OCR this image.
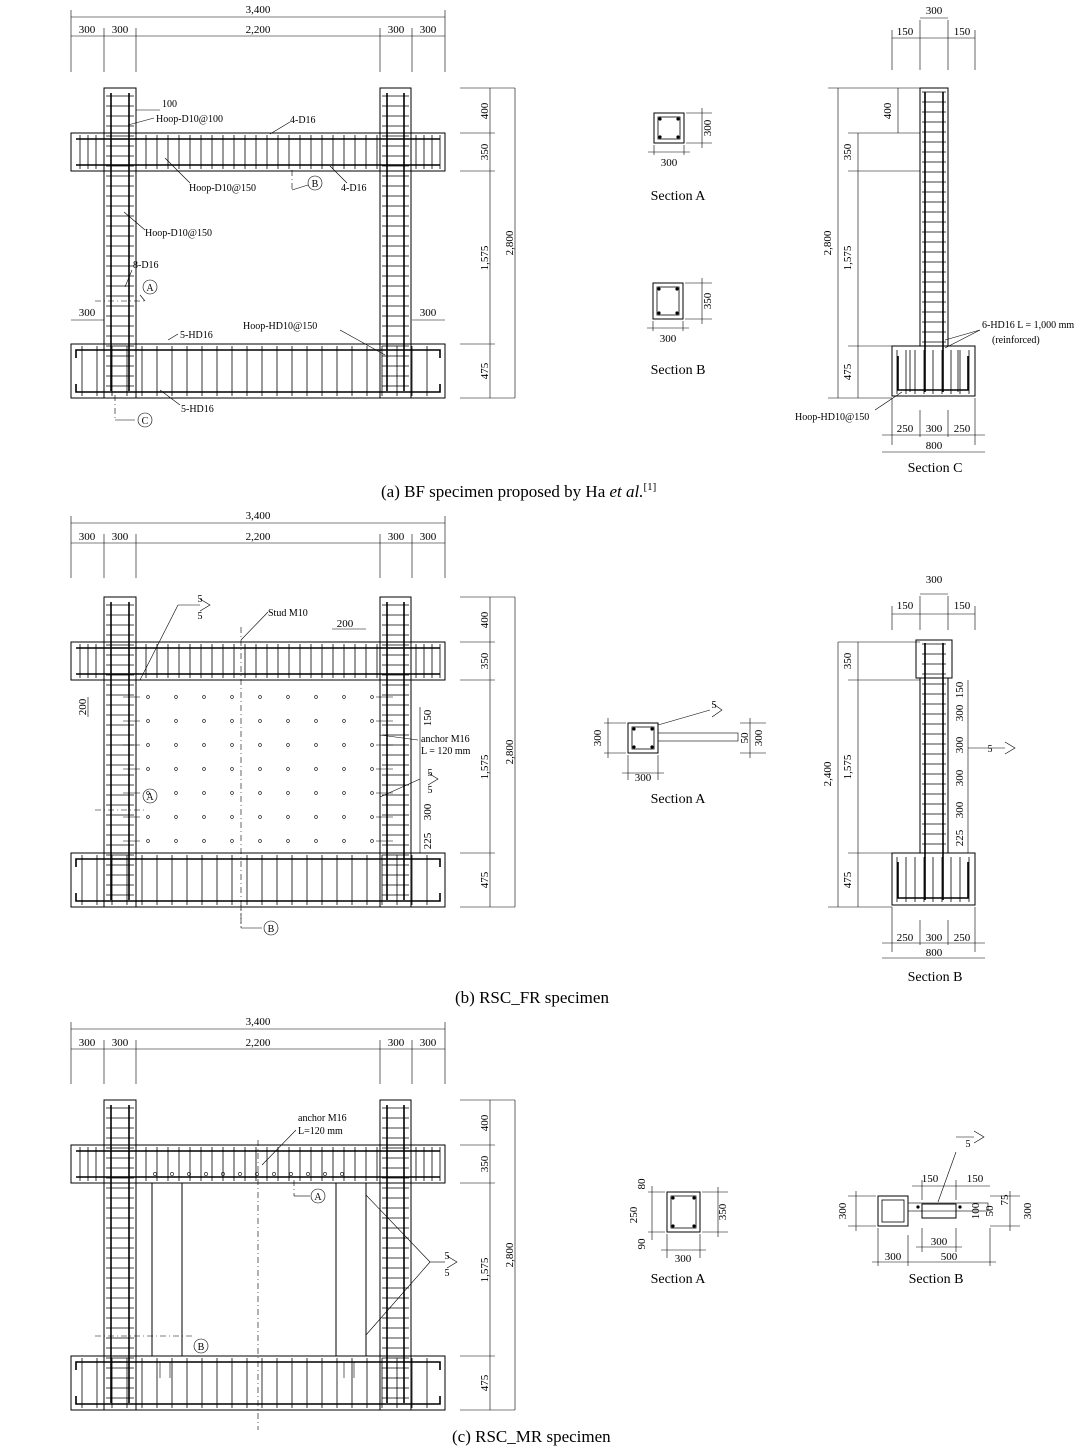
3,400
300 300	2,200	300 300
400
350
1,575
475
2,800
300	300
100
Hoop-D10@100	4-D16
Hoop-D10@150	4-D16
Hoop-D10@150
8-D16
5-HD16
Hoop-HD10@150
5-HD16
A
B
C
300
300
Section A
300
350
Section B
300
150	150
400
350
1,575
475
2,800
6-HD16 L = 1,000 mm
(reinforced)
Hoop-HD10@150
250 300 250
800
Section C
(a) BF specimen proposed by Ha et al.[1]
3,400
300 300	2,200	300 300
400
350
1,575
475
2,800
Stud M10
200
5
5
200
anchor M16
L = 120 mm
5
5
150
300
225
A
B
5
300
300
50 300
Section A
300
150	150
350
1,575
475
2,400
150
300
300
300
300
225
5
250 300 250
800
Section B
(b) RSC_FR specimen
3,400
300 300	2,200	300 300
400
350
1,575
475
2,800
anchor M16
L=120 mm
5
5
A
B
80
250
90
350
300
Section A
5
150	150
300	100 50
75
300
300
300	500
Section B
(c) RSC_MR specimen
